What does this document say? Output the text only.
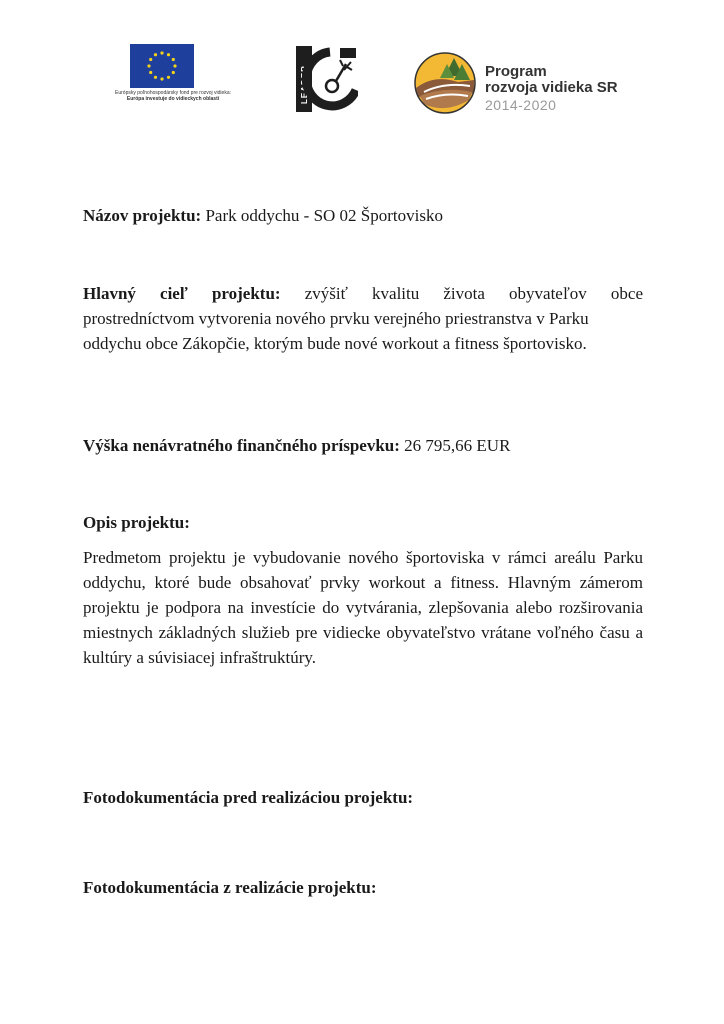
Európsky poľnohospodársky fond pre rozvoj vidieka:
Európa investuje do vidieckych oblastí	LEADER	Program
rozvoja vidieka SR
2014-2020
Názov projektu: Park oddychu - SO 02 Športovisko
Hlavný cieľ projektu: zvýšiť kvalitu života obyvateľov obce
prostredníctvom vytvorenia nového prvku verejného priestranstva v Parku oddychu obce Zákopčie, ktorým bude nové workout a fitness športovisko.
Výška nenávratného finančného príspevku: 26 795,66 EUR
Opis projektu:

Predmetom projektu je vybudovanie nového športoviska v rámci areálu Parku oddychu, ktoré bude obsahovať prvky workout a fitness. Hlavným zámerom projektu je podpora na investície do vytvárania, zlepšovania alebo rozširovania miestnych základných služieb pre vidiecke obyvateľstvo vrátane voľného času a kultúry a súvisiacej infraštruktúry.

Fotodokumentácia pred realizáciou projektu:
Fotodokumentácia z realizácie projektu:
